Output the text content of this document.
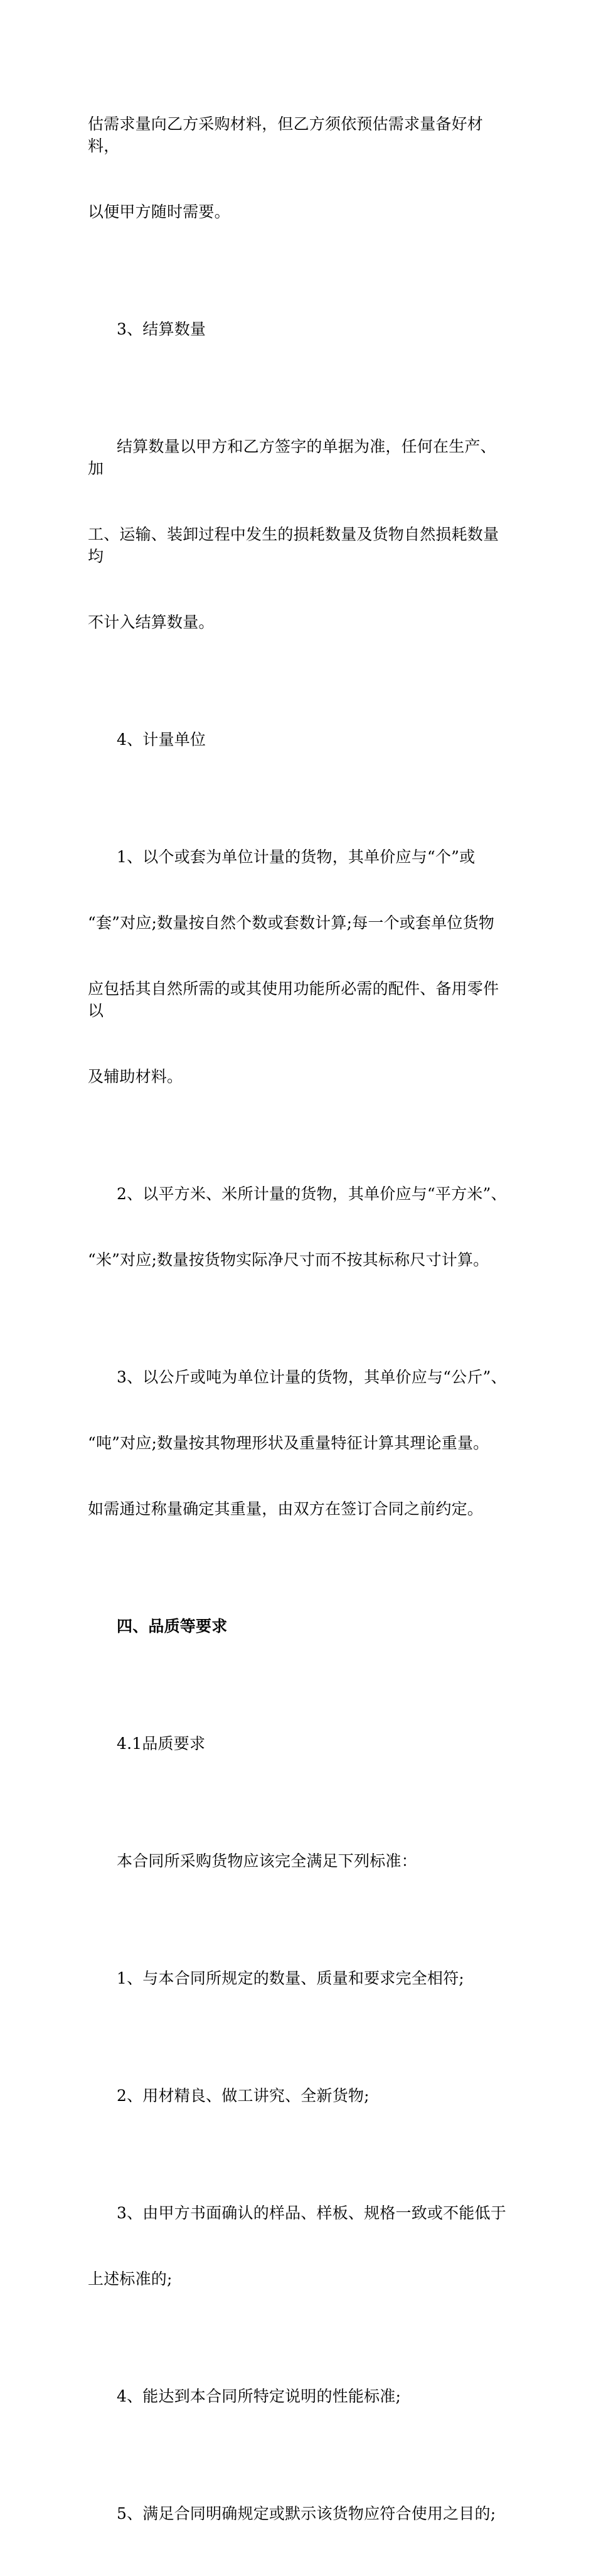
估需求量向乙方采购材料，但乙方须依预估需求量备好材料，

以便甲方随时需要。

3、结算数量

结算数量以甲方和乙方签字的单据为准，任何在生产、加

工、运输、装卸过程中发生的损耗数量及货物自然损耗数量均

不计入结算数量。

4、计量单位

1、以个或套为单位计量的货物，其单价应与“个”或

“套”对应;数量按自然个数或套数计算;每一个或套单位货物

应包括其自然所需的或其使用功能所必需的配件、备用零件以

及辅助材料。

2、以平方米、米所计量的货物，其单价应与“平方米”、

“米”对应;数量按货物实际净尺寸而不按其标称尺寸计算。

3、以公斤或吨为单位计量的货物，其单价应与“公斤”、

“吨”对应;数量按其物理形状及重量特征计算其理论重量。

如需通过称量确定其重量，由双方在签订合同之前约定。

四、品质等要求

4.1品质要求

本合同所采购货物应该完全满足下列标准：

1、与本合同所规定的数量、质量和要求完全相符;

2、用材精良、做工讲究、全新货物;

3、由甲方书面确认的样品、样板、规格一致或不能低于

上述标准的;

4、能达到本合同所特定说明的性能标准;

5、满足合同明确规定或默示该货物应符合使用之目的;
